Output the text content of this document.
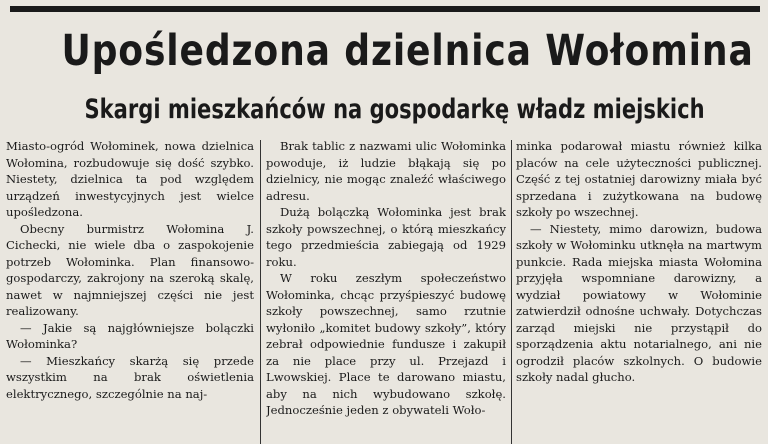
Upośledzona dzielnica Wołomina
Skargi mieszkańców na gospodarkę władz miejskich

Miasto-ogród Wołominek, nowa dzielnica Wołomina, rozbudowuje się dość szybko. Niestety, dzielnica ta pod względem urządzeń inwestycyjnych jest wielce upośledzona.

Obecny burmistrz Wołomina J. Cichecki, nie wiele dba o zaspokojenie potrzeb Wołominka. Plan finansowo-gospodarczy, zakrojony na szeroką skalę, nawet w najmniejszej części nie jest realizowany.

— Jakie są najgłówniejsze bolączki Wołominka?

— Mieszkańcy skarżą się przede wszystkim na brak oświetlenia elektrycznego, szczególnie na naj-

Brak tablic z nazwami ulic Wołominka powoduje, iż ludzie błąkają się po dzielnicy, nie mogąc znaleźć właściwego adresu.

Dużą bolączką Wołominka jest brak szkoły powszechnej, o którą mieszkańcy tego przedmieścia zabiegają od 1929 roku.

W roku zeszłym społeczeństwo Wołominka, chcąc przyśpieszyć budowę szkoły powszechnej, samo rzutnie wyłoniło „komitet budowy szkoły”, który zebrał odpowiednie fundusze i zakupił za nie place przy ul. Przejazd i Lwowskiej. Place te darowano miastu, aby na nich wybudowano szkołę. Jednocześnie jeden z obywateli Woło-

minka podarował miastu również kilka placów na cele użyteczności publicznej. Część z tej ostatniej darowizny miała być sprzedana i zużytkowana na budowę szkoły po wszechnej.

— Niestety, mimo darowizn, budowa szkoły w Wołominku utknęła na martwym punkcie. Rada miejska miasta Wołomina przyjęła wspomniane darowizny, a wydział powiatowy w Wołominie zatwierdził odnośne uchwały. Dotychczas zarząd miejski nie przystąpił do sporządzenia aktu notarialnego, ani nie ogrodził placów szkolnych. O budowie szkoły nadal głucho.
